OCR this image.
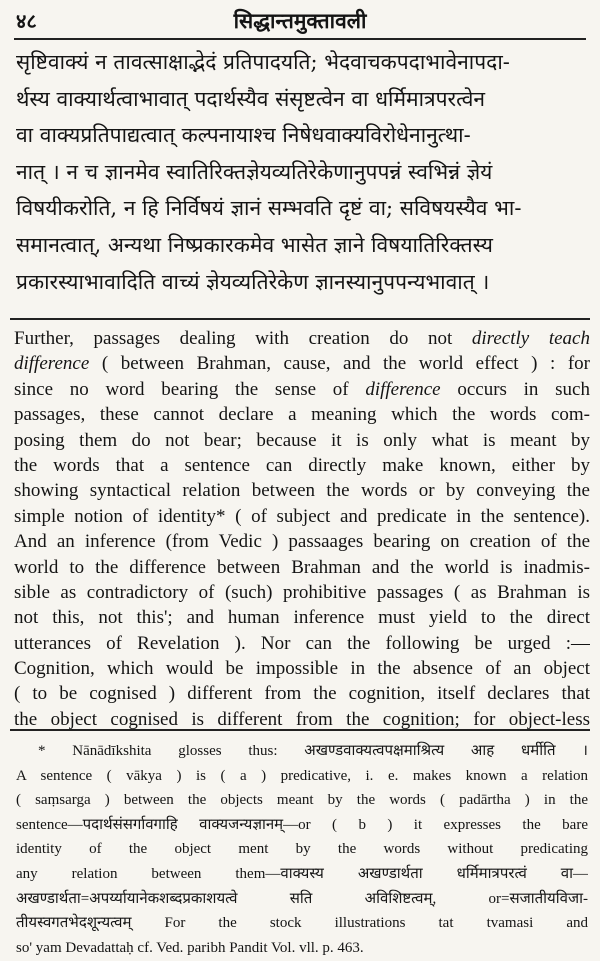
४८	सिद्धान्तमुक्तावली
सृष्टिवाक्यं न तावत्साक्षाद्भेदं प्रतिपादयति; भेदवाचकपदाभावेनापदा-
र्थस्य वाक्यार्थत्वाभावात् पदार्थस्यैव संसृष्टत्वेन वा धर्मिमात्रपरत्वेन
वा वाक्यप्रतिपाद्यत्वात् कल्पनायाश्च निषेधवाक्यविरोधेनानुत्था-
नात् । न च ज्ञानमेव स्वातिरिक्तज्ञेयव्यतिरेकेणानुपपन्नं स्वभिन्नं ज्ञेयं
विषयीकरोति, न हि निर्विषयं ज्ञानं सम्भवति दृष्टं वा; सविषयस्यैव भा-
समानत्वात्, अन्यथा निष्प्रकारकमेव भासेत ज्ञाने विषयातिरिक्तस्य
प्रकारस्याभावादिति वाच्यं ज्ञेयव्यतिरेकेण ज्ञानस्यानुपपन्यभावात् ।
Further, passages dealing with creation do not directly teach
difference ( between Brahman, cause, and the world effect ) : for
since no word bearing the sense of difference occurs in such
passages, these cannot declare a meaning which the words com-
posing them do not bear; because it is only what is meant by
the words that a sentence can directly make known, either by
showing syntactical relation between the words or by conveying the
simple notion of identity* ( of subject and predicate in the sentence).
And an inference (from Vedic ) passaages bearing on creation of the
world to the difference between Brahman and the world is inadmis-
sible as contradictory of (such) prohibitive passages ( as Brahman is
not this, not this'; and human inference must yield to the direct
utterances of Revelation ). Nor can the following be urged :—
Cognition, which would be impossible in the absence of an object
( to be cognised ) different from the cognition, itself declares that
the object cognised is different from the cognition; for object-less
* Nānādīkshita glosses thus: अखण्डवाक्यत्वपक्षमाश्रित्य आह धर्मीति ।
A sentence ( vākya ) is ( a ) predicative, i. e. makes known a relation
( saṃsarga ) between the objects meant by the words ( padārtha ) in the
sentence—पदार्थसंसर्गावगाहि वाक्यजन्यज्ञानम्—or ( b ) it expresses the bare
identity of the object ment by the words without predicating
any relation between them—वाक्यस्य अखण्डार्थता धर्मिमात्रपरत्वं वा—
अखण्डार्थता=अपर्य्यायानेकशब्दप्रकाशयत्वे सति अविशिष्टत्वम्, or=सजातीयविजा-
तीयस्वगतभेदशून्यत्वम् For the stock illustrations tat tvamasi and
so' yam Devadattaḥ cf. Ved. paribh Pandit Vol. vll. p. 463.
